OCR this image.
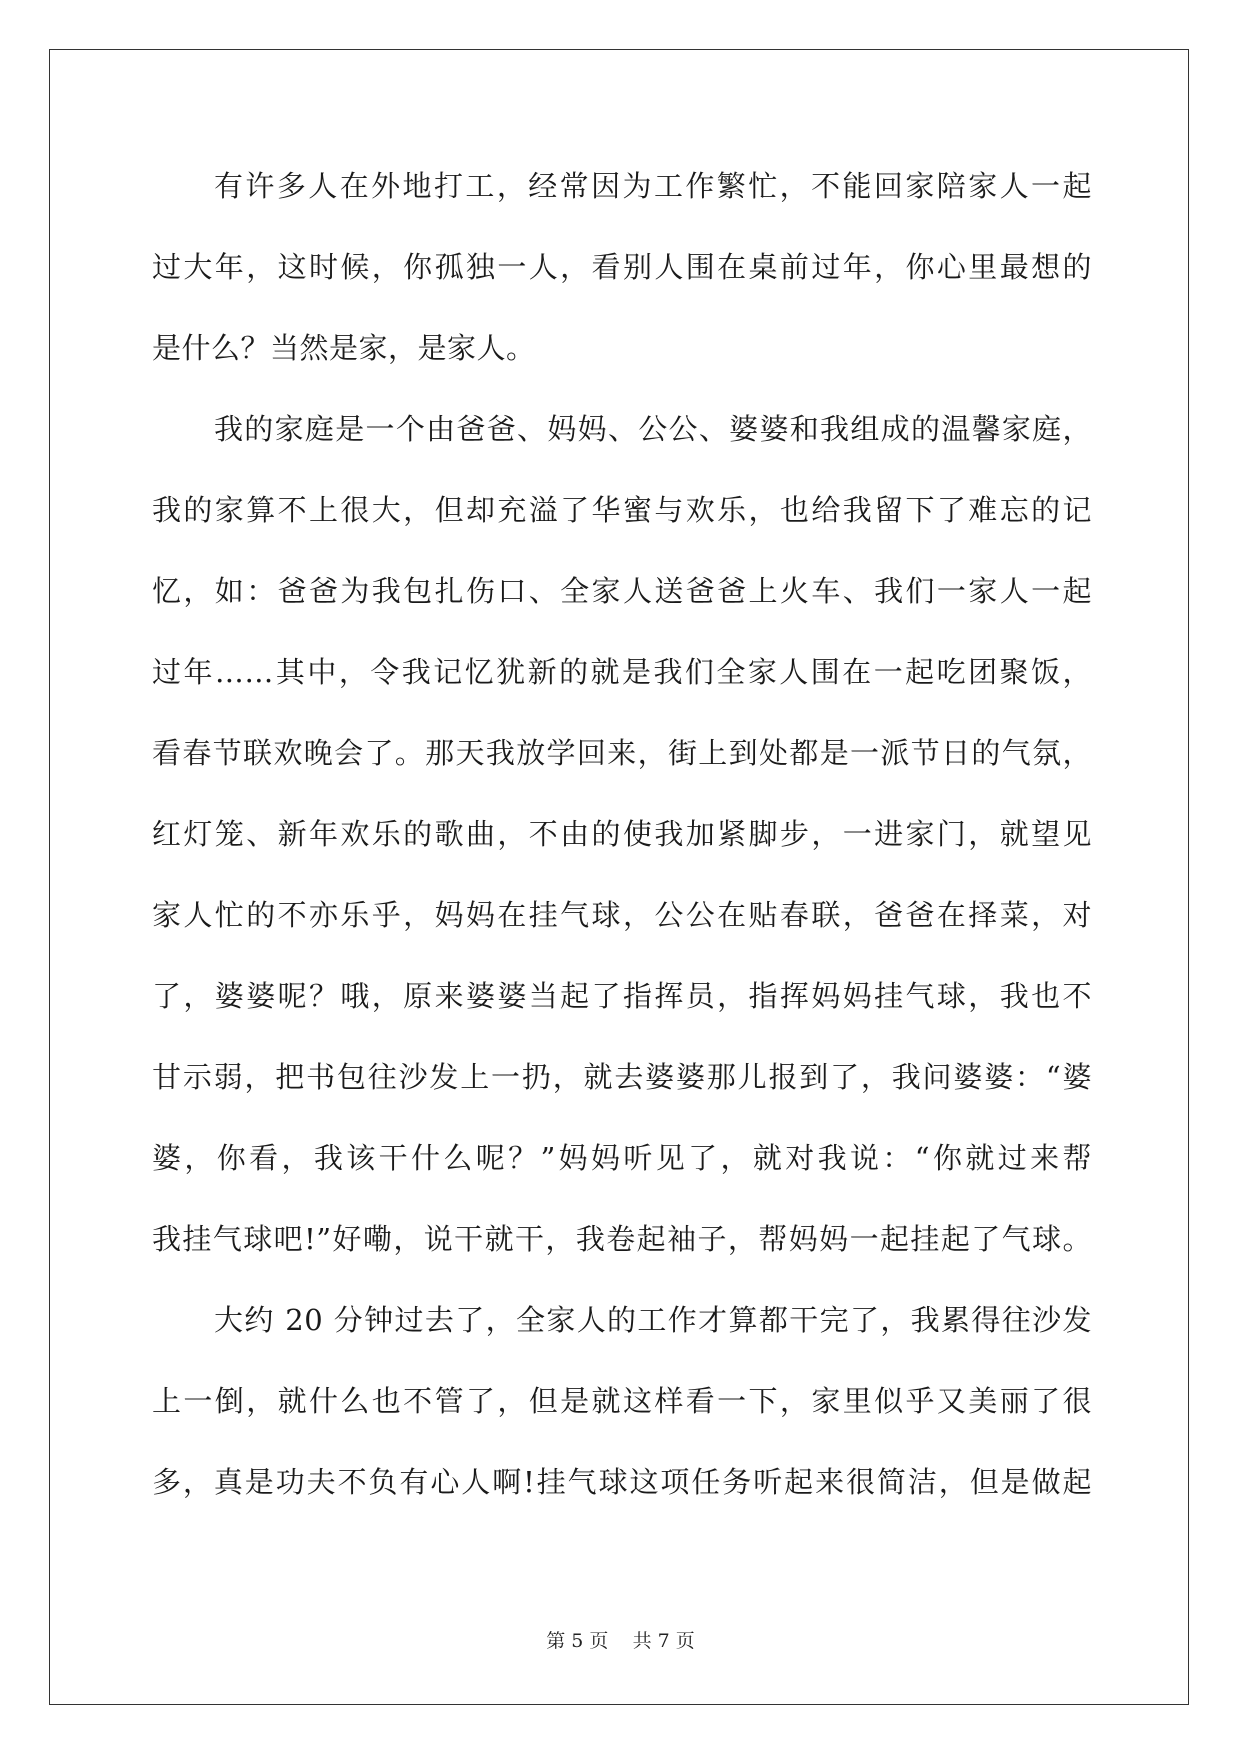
有许多人在外地打工，经常因为工作繁忙，不能回家陪家人一起
过大年，这时候，你孤独一人，看别人围在桌前过年，你心里最想的
是什么？当然是家，是家人。
我的家庭是一个由爸爸、妈妈、公公、婆婆和我组成的温馨家庭，
我的家算不上很大，但却充溢了华蜜与欢乐，也给我留下了难忘的记
忆，如：爸爸为我包扎伤口、全家人送爸爸上火车、我们一家人一起
过年……其中，令我记忆犹新的就是我们全家人围在一起吃团聚饭，
看春节联欢晚会了。那天我放学回来，街上到处都是一派节日的气氛，
红灯笼、新年欢乐的歌曲，不由的使我加紧脚步，一进家门，就望见
家人忙的不亦乐乎，妈妈在挂气球，公公在贴春联，爸爸在择菜，对
了，婆婆呢？哦，原来婆婆当起了指挥员，指挥妈妈挂气球，我也不
甘示弱，把书包往沙发上一扔，就去婆婆那儿报到了，我问婆婆：“婆
婆，你看，我该干什么呢？”妈妈听见了，就对我说：“你就过来帮
我挂气球吧!”好嘞，说干就干，我卷起袖子，帮妈妈一起挂起了气球。
大约 20 分钟过去了，全家人的工作才算都干完了，我累得往沙发
上一倒，就什么也不管了，但是就这样看一下，家里似乎又美丽了很
多，真是功夫不负有心人啊!挂气球这项任务听起来很简洁，但是做起
第 5 页    共 7 页
